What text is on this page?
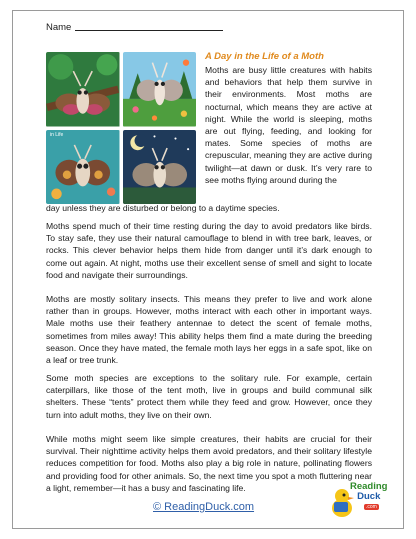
Name
in Life
A Day in the Life of a Moth

Moths are busy little creatures with habits and behaviors that help them survive in their environments. Most moths are nocturnal, which means they are active at night. While the world is sleeping, moths are out flying, feeding, and looking for mates. Some species of moths are crepuscular, meaning they are active during twilight—at dawn or dusk. It’s very rare to see moths flying around during the

day unless they are disturbed or belong to a daytime species.

Moths spend much of their time resting during the day to avoid predators like birds. To stay safe, they use their natural camouflage to blend in with tree bark, leaves, or rocks. This clever behavior helps them hide from danger until it’s dark enough to come out again. At night, moths use their excellent sense of smell and sight to locate food and navigate their surroundings.

Moths are mostly solitary insects. This means they prefer to live and work alone rather than in groups. However, moths interact with each other in important ways. Male moths use their feathery antennae to detect the scent of female moths, sometimes from miles away! This ability helps them find a mate during the breeding season. Once they have mated, the female moth lays her eggs in a safe spot, like on a leaf or tree trunk.

Some moth species are exceptions to the solitary rule. For example, certain caterpillars, like those of the tent moth, live in groups and build communal silk shelters. These “tents” protect them while they feed and grow. However, once they turn into adult moths, they live on their own.

While moths might seem like simple creatures, their habits are crucial for their survival. Their nighttime activity helps them avoid predators, and their solitary lifestyle reduces competition for food. Moths also play a big role in nature, pollinating flowers and providing food for other animals. So, the next time you spot a moth fluttering near a light, remember—it has a busy and fascinating life.

© ReadingDuck.com
Reading
Duck
.com
